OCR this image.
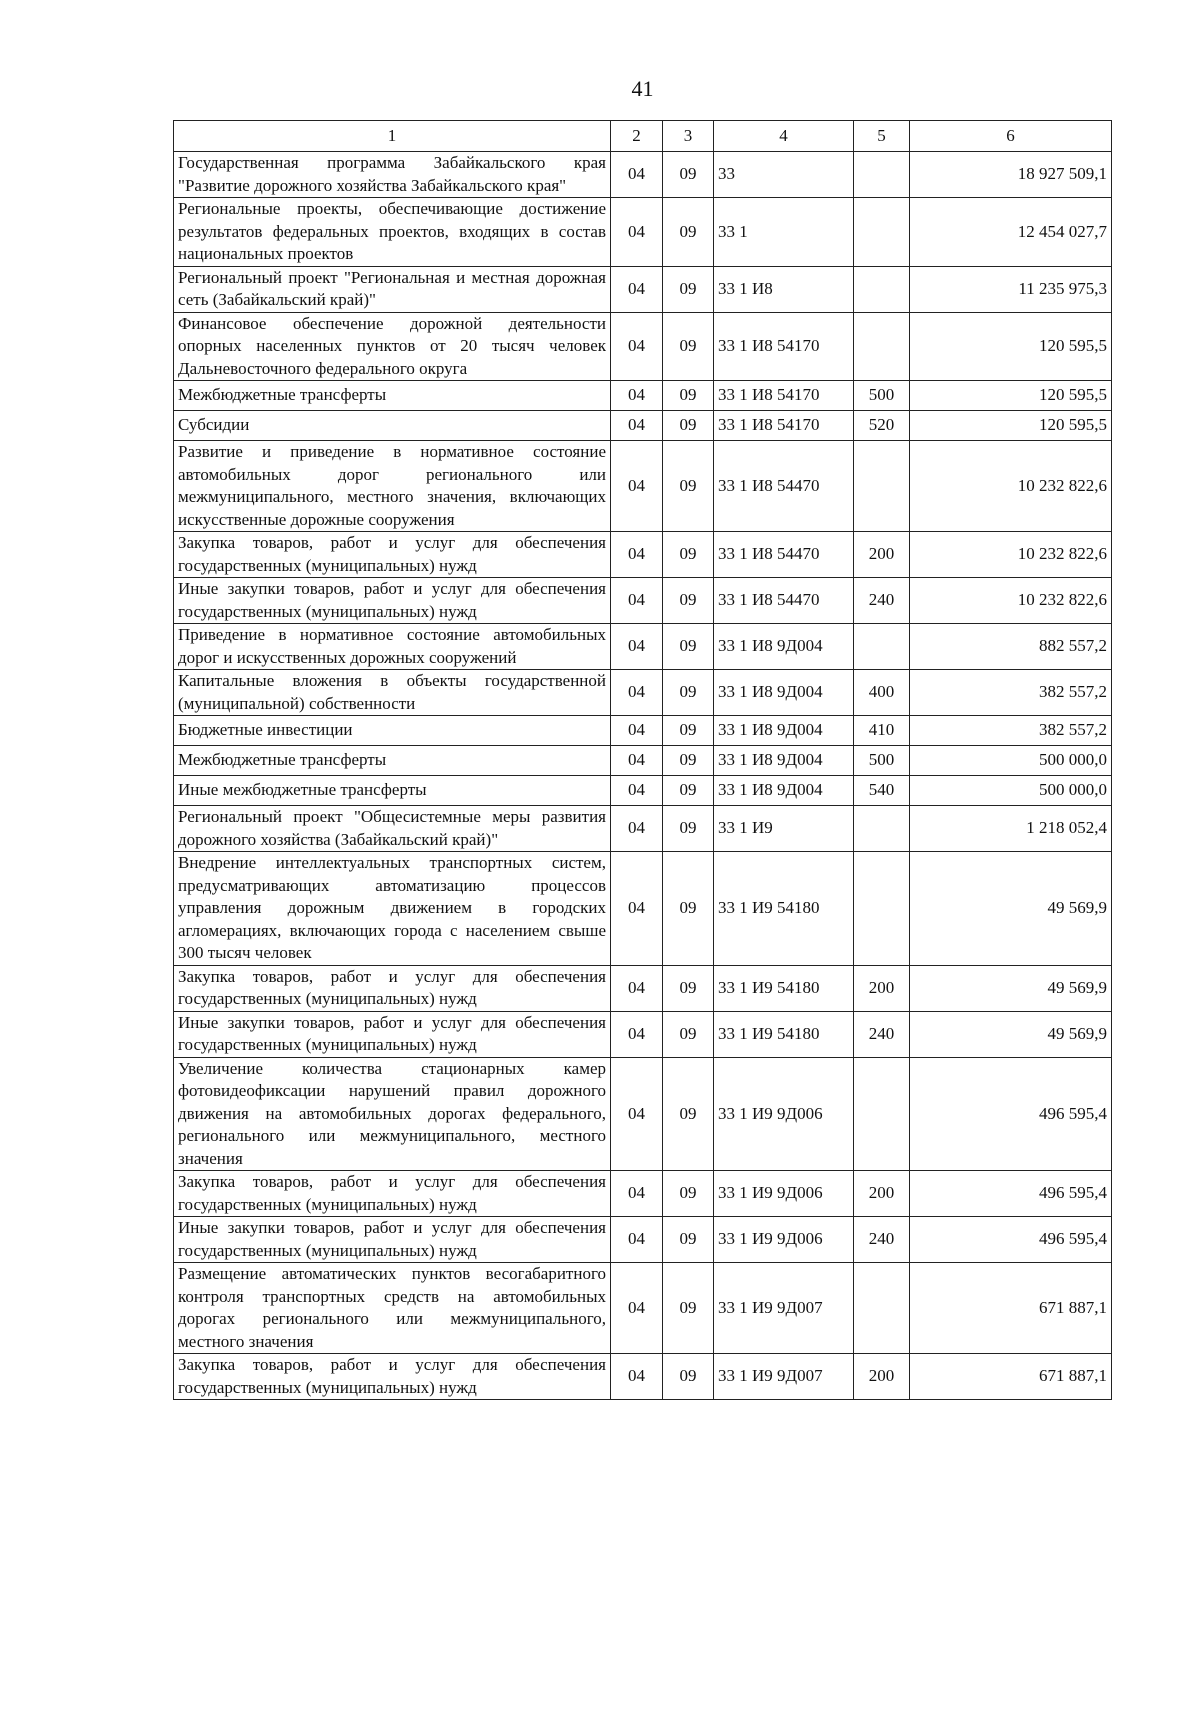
41
1	2	3	4	5	6
Государственная программа Забайкальского края "Развитие дорожного хозяйства Забайкальского края"	04	09	33		18 927 509,1
Региональные проекты, обеспечивающие достижение результатов федеральных проектов, входящих в состав национальных проектов	04	09	33 1		12 454 027,7
Региональный проект "Региональная и местная дорожная сеть (Забайкальский край)"	04	09	33 1 И8		11 235 975,3
Финансовое обеспечение дорожной деятельности опорных населенных пунктов от 20 тысяч человек Дальневосточного федерального округа	04	09	33 1 И8 54170		120 595,5
Межбюджетные трансферты	04	09	33 1 И8 54170	500	120 595,5
Субсидии	04	09	33 1 И8 54170	520	120 595,5
Развитие и приведение в нормативное состояние автомобильных дорог регионального или межмуниципального, местного значения, включающих искусственные дорожные сооружения	04	09	33 1 И8 54470		10 232 822,6
Закупка товаров, работ и услуг для обеспечения государственных (муниципальных) нужд	04	09	33 1 И8 54470	200	10 232 822,6
Иные закупки товаров, работ и услуг для обеспечения государственных (муниципальных) нужд	04	09	33 1 И8 54470	240	10 232 822,6
Приведение в нормативное состояние автомобильных дорог и искусственных дорожных сооружений	04	09	33 1 И8 9Д004		882 557,2
Капитальные вложения в объекты государственной (муниципальной) собственности	04	09	33 1 И8 9Д004	400	382 557,2
Бюджетные инвестиции	04	09	33 1 И8 9Д004	410	382 557,2
Межбюджетные трансферты	04	09	33 1 И8 9Д004	500	500 000,0
Иные межбюджетные трансферты	04	09	33 1 И8 9Д004	540	500 000,0
Региональный проект "Общесистемные меры развития дорожного хозяйства (Забайкальский край)"	04	09	33 1 И9		1 218 052,4
Внедрение интеллектуальных транспортных систем, предусматривающих автоматизацию процессов управления дорожным движением в городских агломерациях, включающих города с населением свыше 300 тысяч человек	04	09	33 1 И9 54180		49 569,9
Закупка товаров, работ и услуг для обеспечения государственных (муниципальных) нужд	04	09	33 1 И9 54180	200	49 569,9
Иные закупки товаров, работ и услуг для обеспечения государственных (муниципальных) нужд	04	09	33 1 И9 54180	240	49 569,9
Увеличение количества стационарных камер фотовидеофиксации нарушений правил дорожного движения на автомобильных дорогах федерального, регионального или межмуниципального, местного значения	04	09	33 1 И9 9Д006		496 595,4
Закупка товаров, работ и услуг для обеспечения государственных (муниципальных) нужд	04	09	33 1 И9 9Д006	200	496 595,4
Иные закупки товаров, работ и услуг для обеспечения государственных (муниципальных) нужд	04	09	33 1 И9 9Д006	240	496 595,4
Размещение автоматических пунктов весогабаритного контроля транспортных средств на автомобильных дорогах регионального или межмуниципального, местного значения	04	09	33 1 И9 9Д007		671 887,1
Закупка товаров, работ и услуг для обеспечения государственных (муниципальных) нужд	04	09	33 1 И9 9Д007	200	671 887,1
